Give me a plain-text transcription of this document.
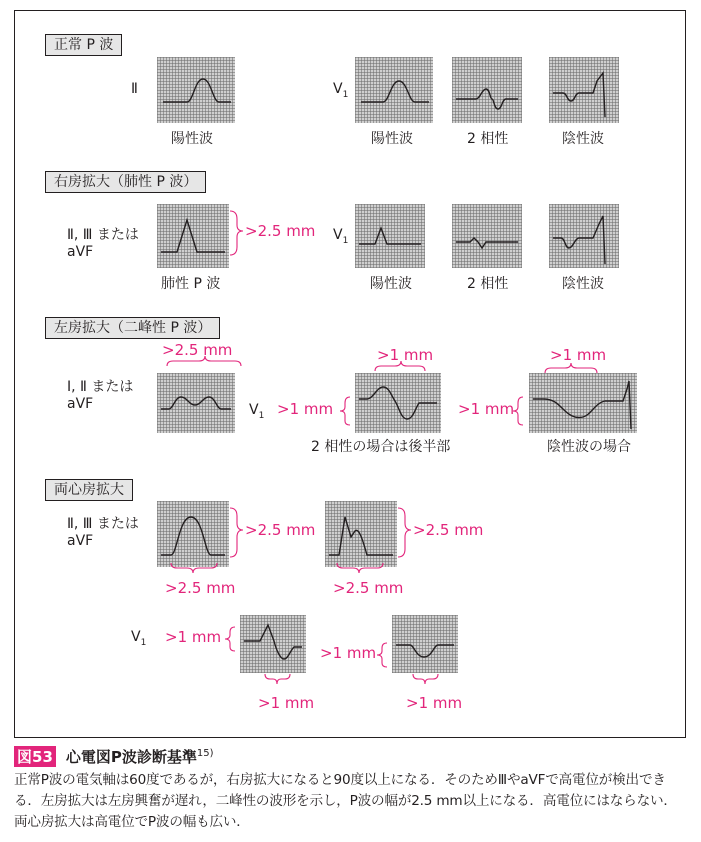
正常 P 波
Ⅱ
陽性波
$V_1$
陽性波	2 相性	陰性波
右房拡大（肺性 P 波）
Ⅱ, Ⅲ または
aVF
>2.5 mm
肺性 P 波
$V_1$
陽性波	2 相性	陰性波
左房拡大（二峰性 P 波）
>2.5 mm	>1 mm	>1 mm
Ⅰ, Ⅱ または
aVF	$V_1 >1$ mm
2 相性の場合は後半部
>1 mm
陰性波の場合
両心房拡大
Ⅱ, Ⅲ または
aVF
>2.5 mm	>2.5 mm
>2.5 mm	>2.5 mm
$V_1 >1$ mm
>1 mm
>1 mm	>1 mm
図53 心電図P波診断基準$^{15)}$
正常P波の電気軸は60度であるが，右房拡大になると90度以上になる．そのためⅢやaVFで高電位が検出できる．左房拡大は左房興奮が遅れ，二峰性の波形を示し，P波の幅が2.5 mm以上になる．高電位にはならない．両心房拡大は高電位でP波の幅も広い．
